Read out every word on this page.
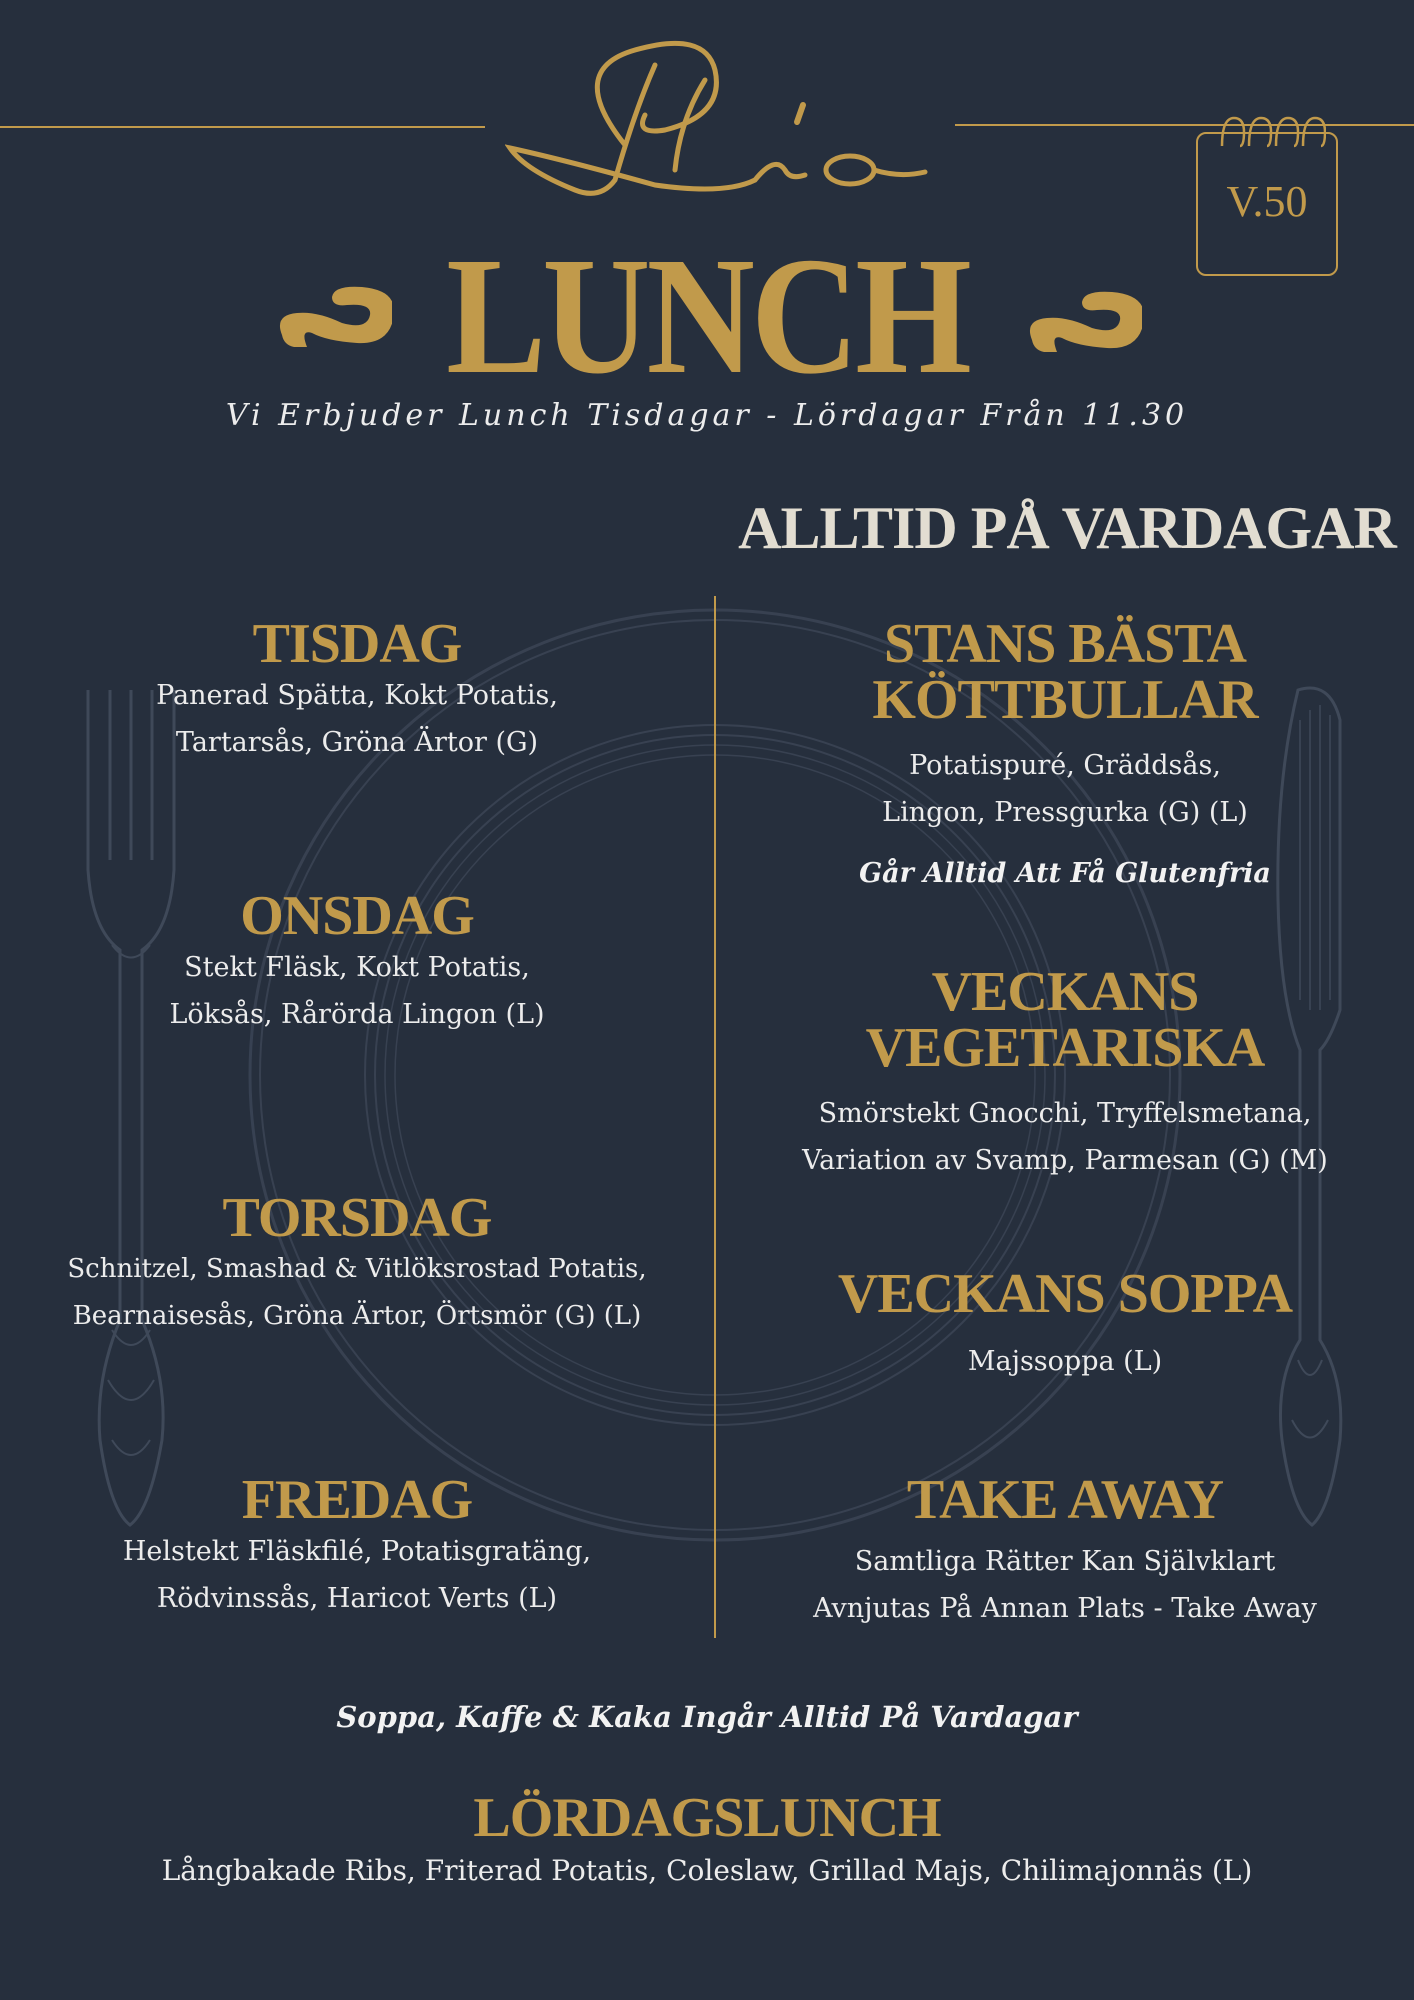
Pio
V.50
LUNCH
Vi Erbjuder Lunch Tisdagar - Lördagar Från 11.30
ALLTID PÅ VARDAGAR
TISDAG

Panerad Spätta, Kokt Potatis,

Tartarsås, Gröna Ärtor (G)

ONSDAG

Stekt Fläsk, Kokt Potatis,

Löksås, Rårörda Lingon (L)

TORSDAG

Schnitzel, Smashad & Vitlöksrostad Potatis,

Bearnaisesås, Gröna Ärtor, Örtsmör (G) (L)

FREDAG

Helstekt Fläskfilé, Potatisgratäng,

Rödvinssås, Haricot Verts (L)

STANS BÄSTA
KÖTTBULLAR

Potatispuré, Gräddsås,

Lingon, Pressgurka (G) (L)

Går Alltid Att Få Glutenfria

VECKANS
VEGETARISKA

Smörstekt Gnocchi, Tryffelsmetana,

Variation av Svamp, Parmesan (G) (M)

VECKANS SOPPA

Majssoppa (L)

TAKE AWAY

Samtliga Rätter Kan Självklart

Avnjutas På Annan Plats - Take Away

Soppa, Kaffe & Kaka Ingår Alltid På Vardagar
LÖRDAGSLUNCH
Långbakade Ribs, Friterad Potatis, Coleslaw, Grillad Majs, Chilimajonnäs (L)
